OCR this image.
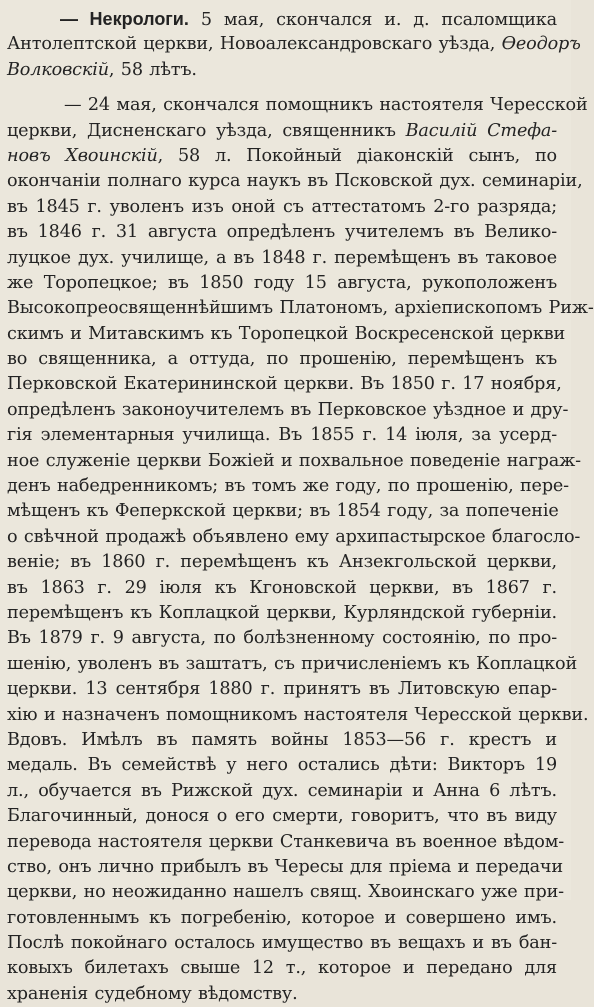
— Некрологи. 5 мая, скончался и. д. псаломщика
Антолептской церкви, Новоалександровскаго уѣзда, Ѳеодоръ
Волковскій, 58 лѣтъ.
— 24 мая, скончался помощникъ настоятеля Чересской
церкви, Дисненскаго уѣзда, священникъ Василій Стефа-
новъ Хвоинскій, 58 л. Покойный діаконскій сынъ, по
окончаніи полнаго курса наукъ въ Псковской дух. семинаріи,
въ 1845 г. уволенъ изъ оной съ аттестатомъ 2-го разряда;
въ 1846 г. 31 августа опредѣленъ учителемъ въ Велико-
луцкое дух. училище, а въ 1848 г. перемѣщенъ въ таковое
же Торопецкое; въ 1850 году 15 августа, рукоположенъ
Высокопреосвященнѣйшимъ Платономъ, архіепископомъ Риж-
скимъ и Митавскимъ къ Торопецкой Воскресенской церкви
во священника, а оттуда, по прошенію, перемѣщенъ къ
Перковской Екатерининской церкви. Въ 1850 г. 17 ноября,
опредѣленъ законоучителемъ въ Перковское уѣздное и дру-
гія элементарныя училища. Въ 1855 г. 14 іюля, за усерд-
ное служеніе церкви Божіей и похвальное поведеніе награж-
денъ набедренникомъ; въ томъ же году, по прошенію, пере-
мѣщенъ къ Феперкской церкви; въ 1854 году, за попеченіе
о свѣчной продажѣ объявлено ему архипастырское благосло-
веніе; въ 1860 г. перемѣщенъ къ Анзекгольской церкви,
въ 1863 г. 29 іюля къ Кгоновской церкви, въ 1867 г.
перемѣщенъ къ Коплацкой церкви, Курляндской губерніи.
Въ 1879 г. 9 августа, по болѣзненному состоянію, по про-
шенію, уволенъ въ заштатъ, съ причисленіемъ къ Коплацкой
церкви. 13 сентября 1880 г. принятъ въ Литовскую епар-
хію и назначенъ помощникомъ настоятеля Чересской церкви.
Вдовъ. Имѣлъ въ память войны 1853—56 г. крестъ и
медаль. Въ семействѣ у него остались дѣти: Викторъ 19
л., обучается въ Рижской дух. семинаріи и Анна 6 лѣтъ.
Благочинный, донося о его смерти, говоритъ, что въ виду
перевода настоятеля церкви Станкевича въ военное вѣдом-
ство, онъ лично прибылъ въ Чересы для пріема и передачи
церкви, но неожиданно нашелъ свящ. Хвоинскаго уже при-
готовленнымъ къ погребенію, которое и совершено имъ.
Послѣ покойнаго осталось имущество въ вещахъ и въ бан-
ковыхъ билетахъ свыше 12 т., которое и передано для
храненія судебному вѣдомству.
